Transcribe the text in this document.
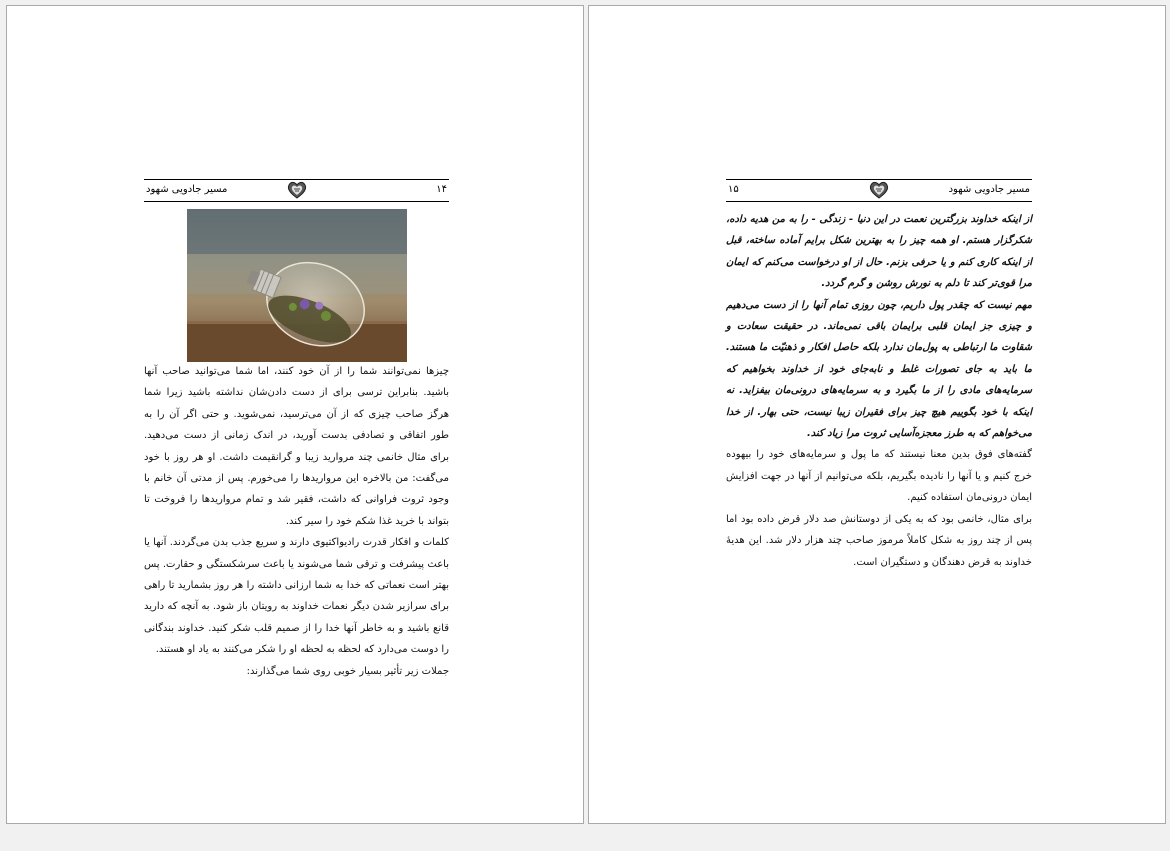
مسیر جادویی شهود	۱۴

چیزها نمی‌توانند شما را از آن خود کنند، اما شما می‌توانید صاحب آنها باشید. بنابراین ترسی برای از دست دادن‌شان نداشته باشید زیرا شما هرگز صاحب چیزی که از آن می‌ترسید، نمی‌شوید. و حتی اگر آن را به طور اتفاقی و تصادفی بدست آورید، در اندک زمانی از دست می‌دهید. برای مثال خانمی چند مروارید زیبا و گرانقیمت داشت. او هر روز با خود می‌گفت: من بالاخره این مرواریدها را می‌خورم. پس از مدتی آن خانم با وجود ثروت فراوانی که داشت، فقیر شد و تمام مرواریدها را فروخت تا بتواند با خرید غذا شکم خود را سیر کند.

کلمات و افکار قدرت رادیواکتیوی دارند و سریع جذب بدن می‌گردند. آنها یا باعث پیشرفت و ترقی شما می‌شوند یا باعث سرشکستگی و حقارت. پس بهتر است نعماتی که خدا به شما ارزانی داشته را هر روز بشمارید تا راهی برای سرازیر شدن دیگر نعمات خداوند به رویتان باز شود. به آنچه که دارید قانع باشید و به خاطر آنها خدا را از صمیم قلب شکر کنید. خداوند بندگانی را دوست می‌دارد که لحظه به لحظه او را شکر می‌کنند به یاد او هستند.

جملات زیر تأثیر بسیار خوبی روی شما می‌گذارند:

۱۵	مسیر جادویی شهود

از اینکه خداوند بزرگترین نعمت در این دنیا - زندگی - را به من هدیه داده، شکرگزار هستم. او همه چیز را به بهترین شکل برایم آماده ساخته، قبل از اینکه کاری کنم و یا حرفی بزنم. حال از او درخواست می‌کنم که ایمان مرا قوی‌تر کند تا دلم به نورش روشن و گرم گردد.

مهم نیست که چقدر پول داریم، چون روزی تمام آنها را از دست می‌دهیم و چیزی جز ایمان قلبی برایمان باقی نمی‌ماند. در حقیقت سعادت و شقاوت ما ارتباطی به پول‌مان ندارد بلکه حاصل افکار و ذهنیّت ما هستند. ما باید به جای تصورات غلط و نابه‌جای خود از خداوند بخواهیم که سرمایه‌های مادی را از ما بگیرد و به سرمایه‌های درونی‌مان بیفزاید. نه اینکه با خود بگوییم هیچ چیز برای فقیران زیبا نیست، حتی بهار. از خدا می‌خواهم که به طرز معجزه‌آسایی ثروت مرا زیاد کند.

گفته‌های فوق بدین معنا نیستند که ما پول و سرمایه‌های خود را بیهوده خرج کنیم و یا آنها را نادیده بگیریم، بلکه می‌توانیم از آنها در جهت افزایش ایمان درونی‌مان استفاده کنیم.

برای مثال، خانمی بود که به یکی از دوستانش صد دلار قرض داده بود اما پس از چند روز به شکل کاملاً مرموز صاحب چند هزار دلار شد. این هدیهٔ خداوند به قرض دهندگان و دستگیران است.
